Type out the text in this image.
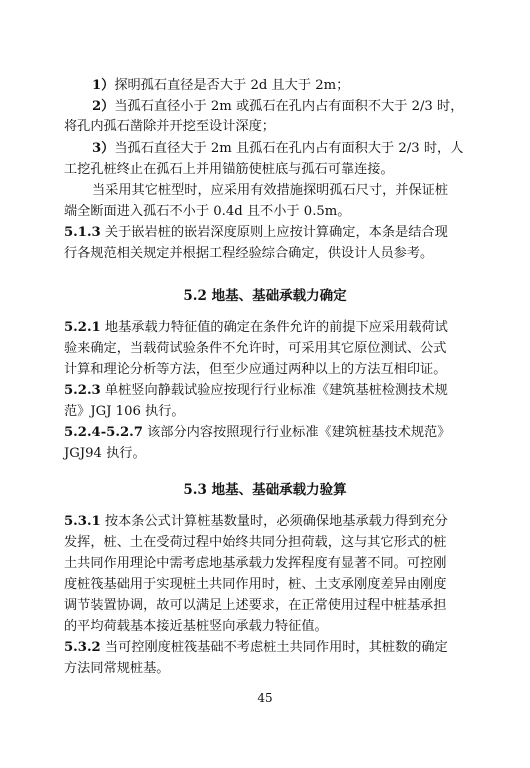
1）探明孤石直径是否大于 2d 且大于 2m；
2）当孤石直径小于 2m 或孤石在孔内占有面积不大于 2/3 时，
将孔内孤石凿除并开挖至设计深度；
3）当孤石直径大于 2m 且孤石在孔内占有面积大于 2/3 时，人
工挖孔桩终止在孤石上并用锚筋使桩底与孤石可靠连接。
当采用其它桩型时，应采用有效措施探明孤石尺寸，并保证桩
端全断面进入孤石不小于 0.4d 且不小于 0.5m。
5.1.3 关于嵌岩桩的嵌岩深度原则上应按计算确定，本条是结合现
行各规范相关规定并根据工程经验综合确定，供设计人员参考。
5.2 地基、基础承载力确定
5.2.1 地基承载力特征值的确定在条件允许的前提下应采用载荷试
验来确定，当载荷试验条件不允许时，可采用其它原位测试、公式
计算和理论分析等方法，但至少应通过两种以上的方法互相印证。
5.2.3 单桩竖向静载试验应按现行行业标准《建筑基桩检测技术规
范》JGJ 106 执行。
5.2.4-5.2.7 该部分内容按照现行行业标准《建筑桩基技术规范》
JGJ94 执行。
5.3 地基、基础承载力验算
5.3.1 按本条公式计算桩基数量时，必须确保地基承载力得到充分
发挥，桩、土在受荷过程中始终共同分担荷载，这与其它形式的桩
土共同作用理论中需考虑地基承载力发挥程度有显著不同。可控刚
度桩筏基础用于实现桩土共同作用时，桩、土支承刚度差异由刚度
调节装置协调，故可以满足上述要求，在正常使用过程中桩基承担
的平均荷载基本接近基桩竖向承载力特征值。
5.3.2 当可控刚度桩筏基础不考虑桩土共同作用时，其桩数的确定
方法同常规桩基。
45
